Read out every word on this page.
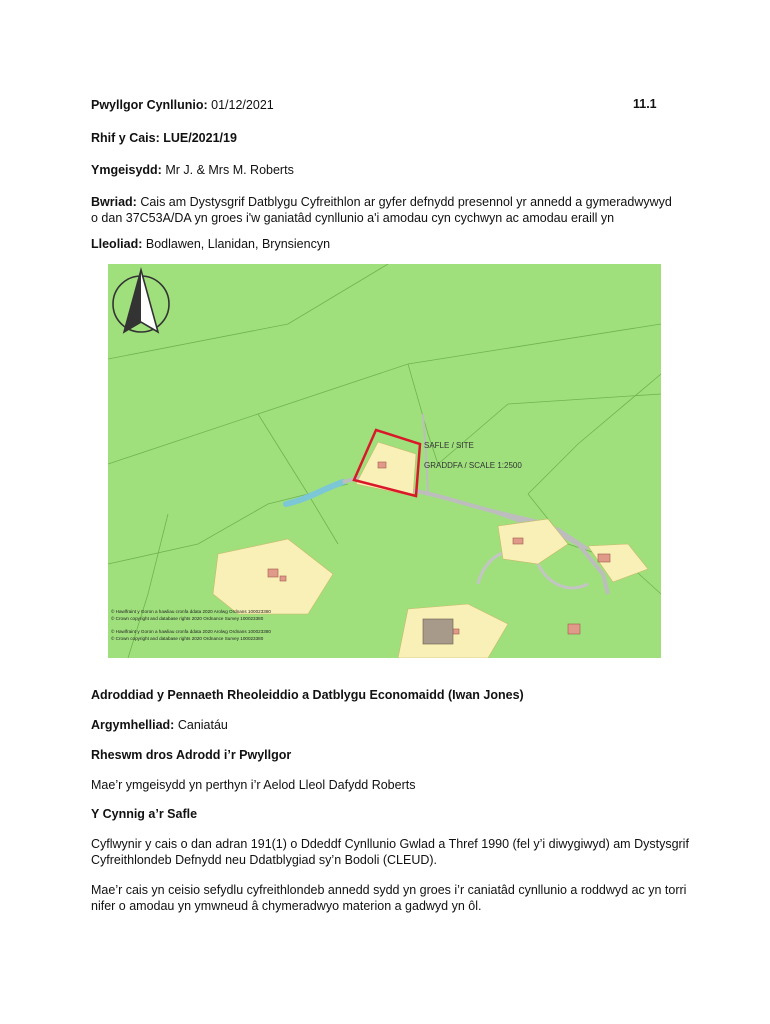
Pwyllgor Cynllunio: 01/12/2021	11.1
Rhif y Cais: LUE/2021/19
Ymgeisydd: Mr J. & Mrs M. Roberts
Bwriad: Cais am Dystysgrif Datblygu Cyfreithlon ar gyfer defnydd presennol yr annedd a gymeradwywyd
o dan 37C53A/DA yn groes i'w ganiatâd cynllunio a'i amodau cyn cychwyn ac amodau eraill yn
Lleoliad: Bodlawen, Llanidan, Brynsiencyn
SAFLE / SITE
GRADDFA / SCALE 1:2500
© Hawlfraint y Goron a hawliau cronfa ddata 2020 Arolwg Ordnans 100023380
© Crown copyright and database rights 2020 Ordnance Survey 100023380
© Hawlfraint y Goron a hawliau cronfa ddata 2020 Arolwg Ordnans 100023380
© Crown copyright and database rights 2020 Ordnance Survey 100023380
Adroddiad y Pennaeth Rheoleiddio a Datblygu Economaidd (Iwan Jones)
Argymhelliad: Caniatáu
Rheswm dros Adrodd i’r Pwyllgor
Mae’r ymgeisydd yn perthyn i’r Aelod Lleol Dafydd Roberts
Y Cynnig a’r Safle
Cyflwynir y cais o dan adran 191(1) o Ddeddf Cynllunio Gwlad a Thref 1990 (fel y’i diwygiwyd) am Dystysgrif Cyfreithlondeb Defnydd neu Ddatblygiad sy’n Bodoli (CLEUD).
Mae’r cais yn ceisio sefydlu cyfreithlondeb annedd sydd yn groes i’r caniatâd cynllunio a roddwyd ac yn torri nifer o amodau yn ymwneud â chymeradwyo materion a gadwyd yn ôl.
